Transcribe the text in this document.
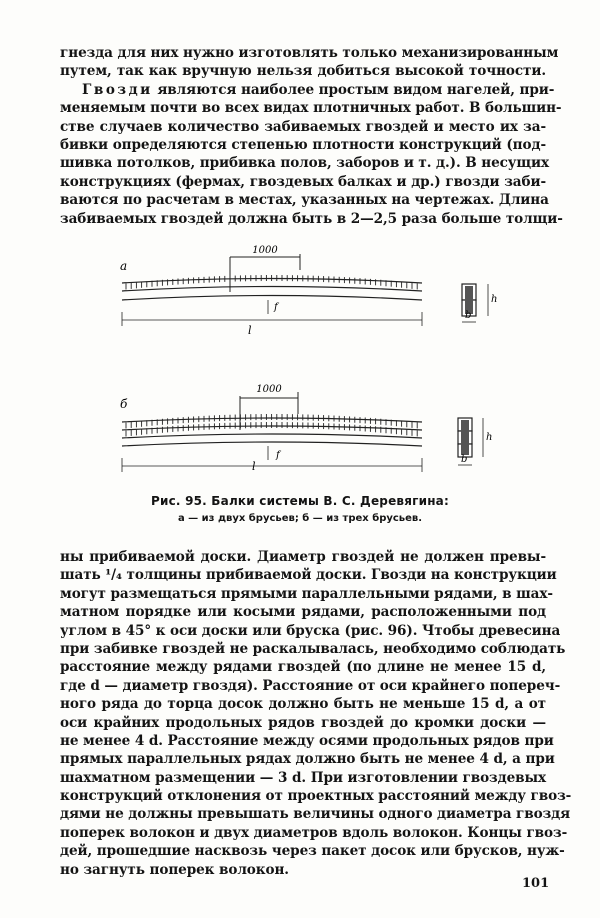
гнезда для них нужно изготовлять только механизированным
путем, так как вручную нельзя добиться высокой точности.
Гвозди являются наиболее простым видом нагелей, при-
меняемым почти во всех видах плотничных работ. В большин-
стве случаев количество забиваемых гвоздей и место их за-
бивки определяются степенью плотности конструкций (под-
шивка потолков, прибивка полов, заборов и т. д.). В несущих
конструкциях (фермах, гвоздевых балках и др.) гвозди заби-
ваются по расчетам в местах, указанных на чертежах. Длина
забиваемых гвоздей должна быть в 2—2,5 раза больше толщи-
а
1000
l
f
h
b
б
1000
l
f
h
b
Рис. 95. Балки системы В. С. Деревягина:
а — из двух брусьев; б — из трех брусьев.
ны прибиваемой доски. Диаметр гвоздей не должен превы-
шать ¹/₄ толщины прибиваемой доски. Гвозди на конструкции
могут размещаться прямыми параллельными рядами, в шах-
матном порядке или косыми рядами, расположенными под
углом в 45° к оси доски или бруска (рис. 96). Чтобы древесина
при забивке гвоздей не раскалывалась, необходимо соблюдать
расстояние между рядами гвоздей (по длине не менее 15 d,
где d — диаметр гвоздя). Расстояние от оси крайнего попереч-
ного ряда до торца досок должно быть не меньше 15 d, а от
оси крайних продольных рядов гвоздей до кромки доски —
не менее 4 d. Расстояние между осями продольных рядов при
прямых параллельных рядах должно быть не менее 4 d, а при
шахматном размещении — 3 d. При изготовлении гвоздевых
конструкций отклонения от проектных расстояний между гвоз-
дями не должны превышать величины одного диаметра гвоздя
поперек волокон и двух диаметров вдоль волокон. Концы гвоз-
дей, прошедшие насквозь через пакет досок или брусков, нуж-
но загнуть поперек волокон.
101
